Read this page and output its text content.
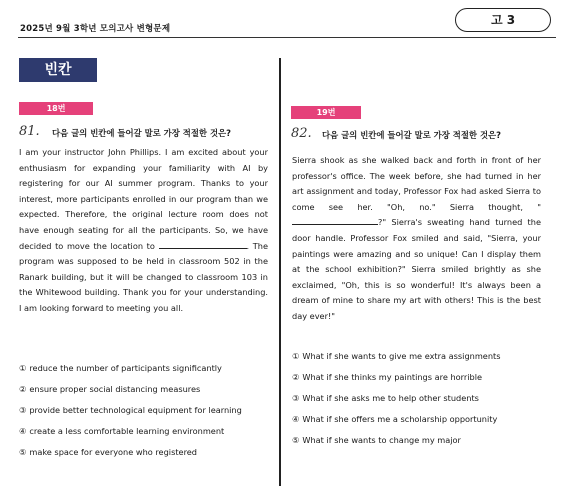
2025년 9월 3학년 모의고사 변형문제
고 3
빈칸
18번
81. 다음 글의 빈칸에 들어갈 말로 가장 적절한 것은?

I am your instructor John Phillips. I am excited about your enthusiasm for expanding your familiarity with AI by registering for our AI summer program. Thanks to your interest, more participants enrolled in our program than we expected. Therefore, the original lecture room does not have enough seating for all the participants. So, we have decided to move the location to	. The program was supposed to be held in classroom 502 in the Ranark building, but it will be changed to classroom 103 in the Whitewood building. Thank you for your understanding. I am looking forward to meeting you all.

① reduce the number of participants significantly
② ensure proper social distancing measures
③ provide better technological equipment for learning
④ create a less comfortable learning environment
⑤ make space for everyone who registered
19번
82. 다음 글의 빈칸에 들어갈 말로 가장 적절한 것은?

Sierra shook as she walked back and forth in front of her professor's office. The week before, she had turned in her art assignment and today, Professor Fox had asked Sierra to come see her. "Oh, no." Sierra thought, "?" Sierra's sweating hand turned the door handle. Professor Fox smiled and said, "Sierra, your paintings were amazing and so unique! Can I display them at the school exhibition?" Sierra smiled brightly as she exclaimed, "Oh, this is so wonderful! It's always been a dream of mine to share my art with others! This is the best day ever!"

① What if she wants to give me extra assignments
② What if she thinks my paintings are horrible
③ What if she asks me to help other students
④ What if she offers me a scholarship opportunity
⑤ What if she wants to change my major
